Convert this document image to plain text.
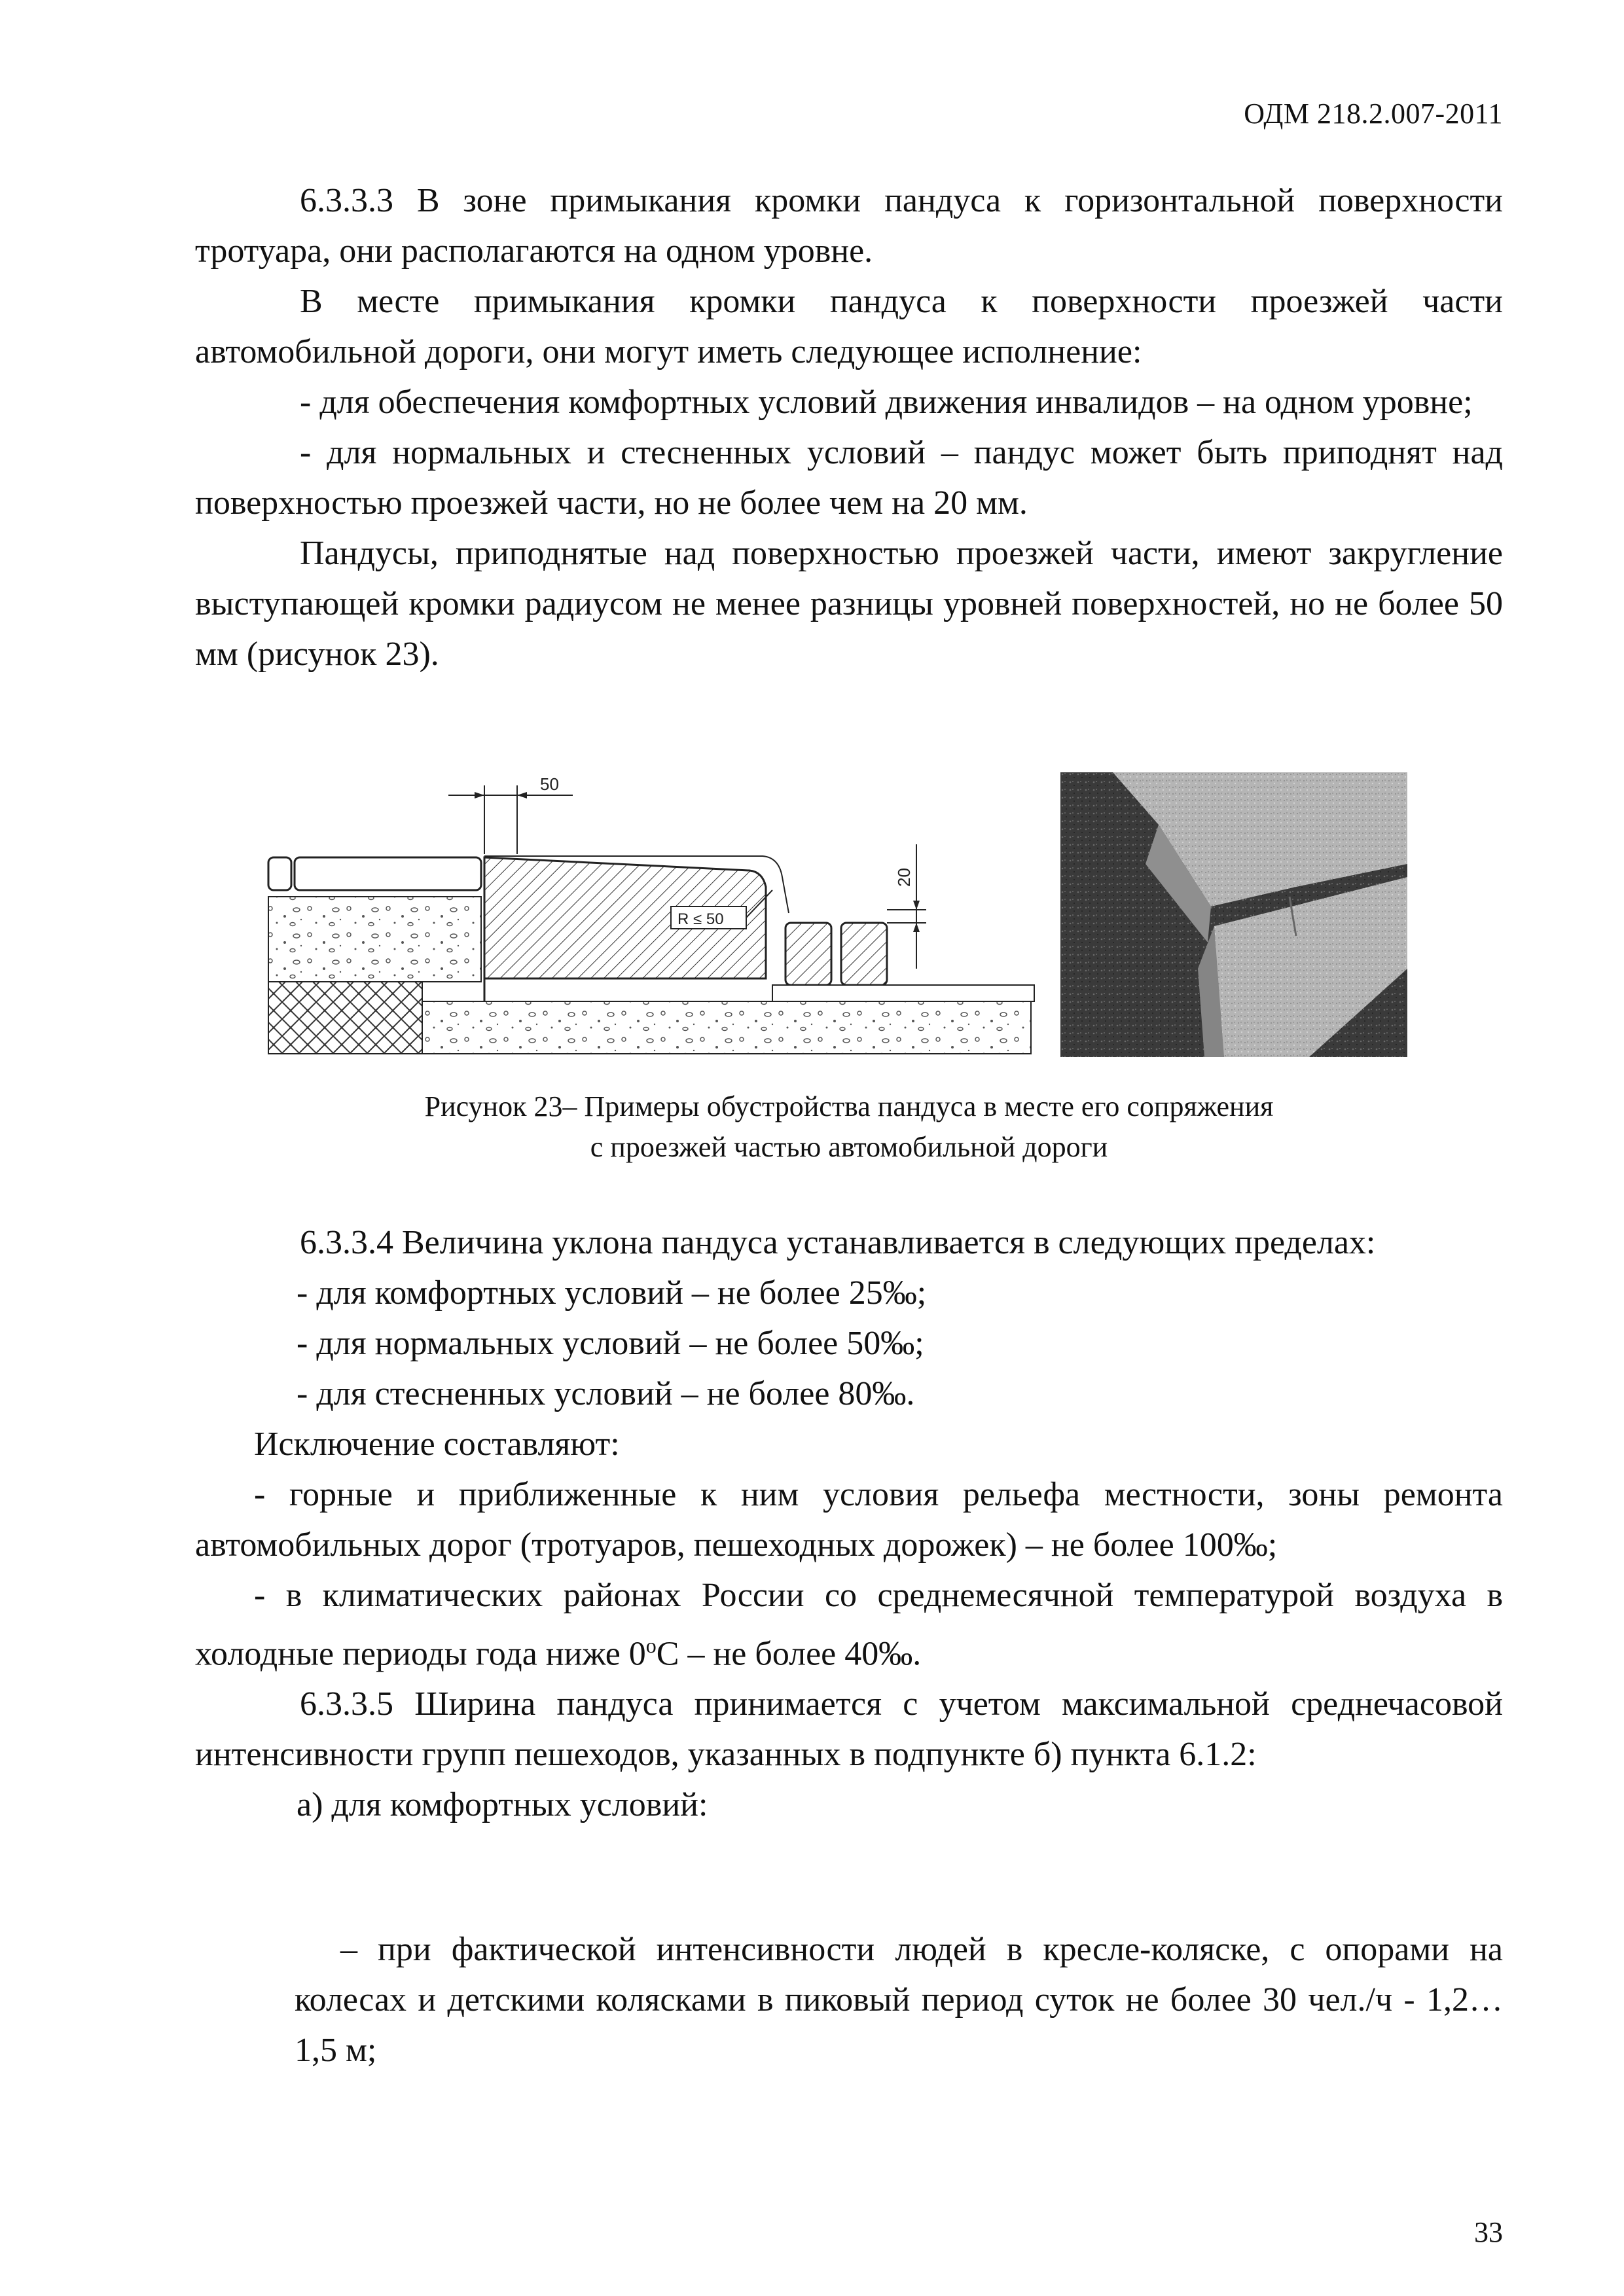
ОДМ 218.2.007-2011

6.3.3.3 В зоне примыкания кромки пандуса к горизонтальной поверхности тротуара, они располагаются на одном уровне.

В месте примыкания кромки пандуса к поверхности проезжей части автомобильной дороги, они могут иметь следующее исполнение:

- для обеспечения комфортных условий движения инвалидов – на одном уровне;

- для нормальных и стесненных условий – пандус может быть приподнят над поверхностью проезжей части, но не более чем на 20 мм.

Пандусы, приподнятые над поверхностью проезжей части, имеют закругление выступающей кромки радиусом не менее разницы уровней поверхностей, но не более 50 мм (рисунок 23).

50
20
R ≤ 50
Рисунок 23– Примеры обустройства пандуса в месте его сопряжения
с проезжей частью автомобильной дороги

6.3.3.4 Величина уклона пандуса устанавливается в следующих пределах:

- для комфортных условий – не более 25‰;

- для нормальных условий – не более 50‰;

- для стесненных условий – не более 80‰.

Исключение составляют:

- горные и приближенные к ним условия рельефа местности, зоны ремонта автомобильных дорог (тротуаров, пешеходных дорожек) – не более 100‰;

- в климатических районах России со среднемесячной температурой воздуха в холодные периоды года ниже 0$^o$С – не более 40‰.

6.3.3.5 Ширина пандуса принимается с учетом максимальной среднечасовой интенсивности групп пешеходов, указанных в подпункте б) пункта 6.1.2:

а) для комфортных условий:

– при фактической интенсивности людей в кресле-коляске, с опорами на колесах и детскими колясками в пиковый период суток не более 30 чел./ч - 1,2…1,5 м;

33
